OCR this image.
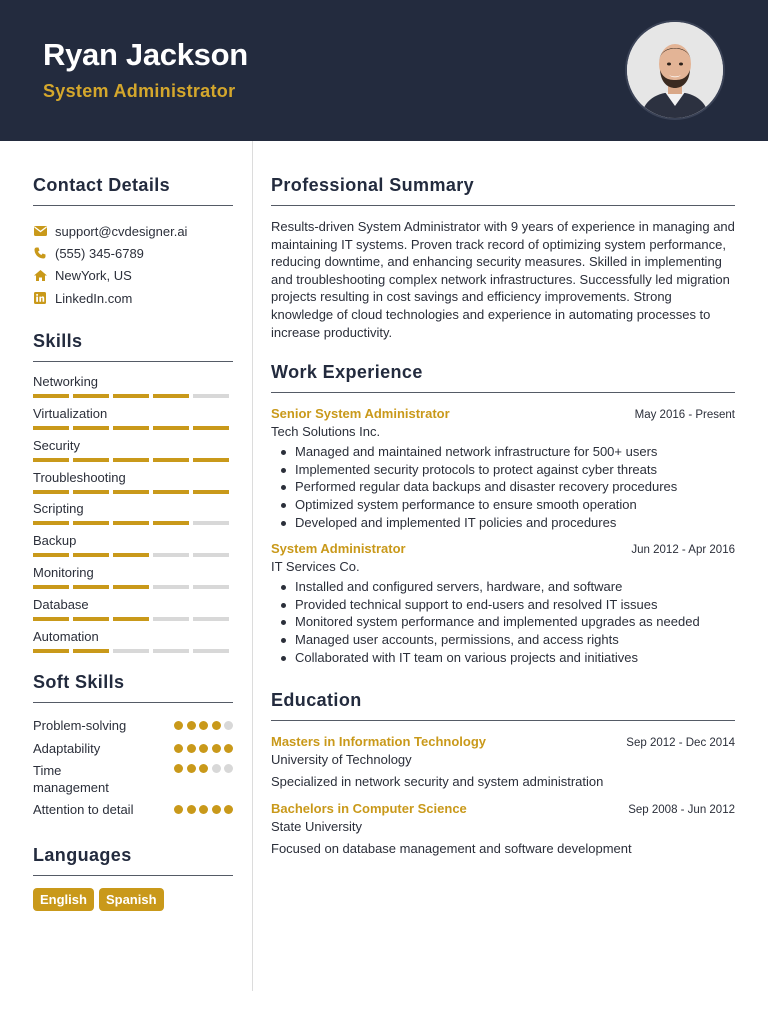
Ryan Jackson
System Administrator
Contact Details
support@cvdesigner.ai
(555) 345-6789
NewYork, US
LinkedIn.com
Skills
Networking
Virtualization
Security
Troubleshooting
Scripting
Backup
Monitoring
Database
Automation
Soft Skills
Problem-solving
Adaptability
Time management
Attention to detail
Languages
English	Spanish
Professional Summary

Results-driven System Administrator with 9 years of experience in managing and maintaining IT systems. Proven track record of optimizing system performance, reducing downtime, and enhancing security measures. Skilled in implementing and troubleshooting complex network infrastructures. Successfully led migration projects resulting in cost savings and efficiency improvements. Strong knowledge of cloud technologies and experience in automating processes to increase productivity.

Work Experience
Senior System Administrator	May 2016 - Present
Tech Solutions Inc.
Managed and maintained network infrastructure for 500+ users
Implemented security protocols to protect against cyber threats
Performed regular data backups and disaster recovery procedures
Optimized system performance to ensure smooth operation
Developed and implemented IT policies and procedures
System Administrator	Jun 2012 - Apr 2016
IT Services Co.
Installed and configured servers, hardware, and software
Provided technical support to end-users and resolved IT issues
Monitored system performance and implemented upgrades as needed
Managed user accounts, permissions, and access rights
Collaborated with IT team on various projects and initiatives
Education
Masters in Information Technology	Sep 2012 - Dec 2014
University of Technology
Specialized in network security and system administration
Bachelors in Computer Science	Sep 2008 - Jun 2012
State University
Focused on database management and software development
